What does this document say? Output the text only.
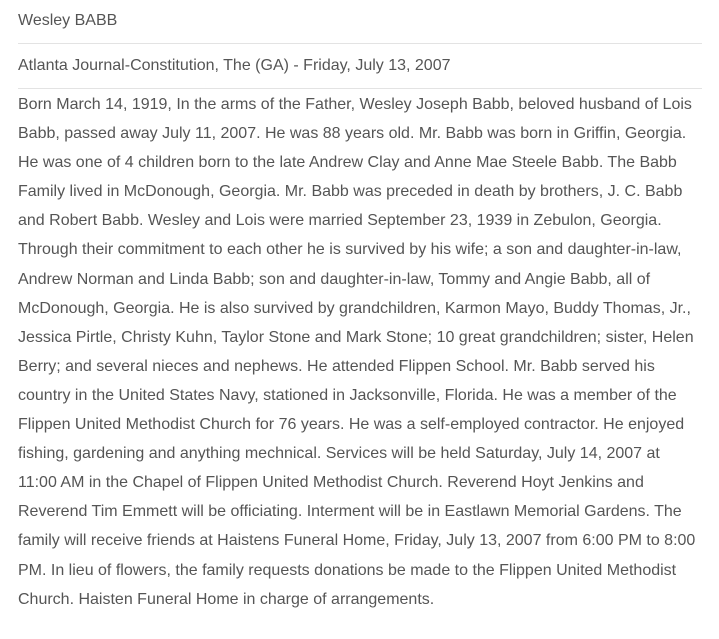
Wesley BABB

Atlanta Journal-Constitution, The (GA) - Friday, July 13, 2007

Born March 14, 1919, In the arms of the Father, Wesley Joseph Babb, beloved husband of Lois Babb, passed away July 11, 2007. He was 88 years old. Mr. Babb was born in Griffin, Georgia. He was one of 4 children born to the late Andrew Clay and Anne Mae Steele Babb. The Babb Family lived in McDonough, Georgia. Mr. Babb was preceded in death by brothers, J. C. Babb and Robert Babb. Wesley and Lois were married September 23, 1939 in Zebulon, Georgia. Through their commitment to each other he is survived by his wife; a son and daughter-in-law, Andrew Norman and Linda Babb; son and daughter-in-law, Tommy and Angie Babb, all of McDonough, Georgia. He is also survived by grandchildren, Karmon Mayo, Buddy Thomas, Jr., Jessica Pirtle, Christy Kuhn, Taylor Stone and Mark Stone; 10 great grandchildren; sister, Helen Berry; and several nieces and nephews. He attended Flippen School. Mr. Babb served his country in the United States Navy, stationed in Jacksonville, Florida. He was a member of the Flippen United Methodist Church for 76 years. He was a self-employed contractor. He enjoyed fishing, gardening and anything mechnical. Services will be held Saturday, July 14, 2007 at 11:00 AM in the Chapel of Flippen United Methodist Church. Reverend Hoyt Jenkins and Reverend Tim Emmett will be officiating. Interment will be in Eastlawn Memorial Gardens. The family will receive friends at Haistens Funeral Home, Friday, July 13, 2007 from 6:00 PM to 8:00 PM. In lieu of flowers, the family requests donations be made to the Flippen United Methodist Church. Haisten Funeral Home in charge of arrangements.
